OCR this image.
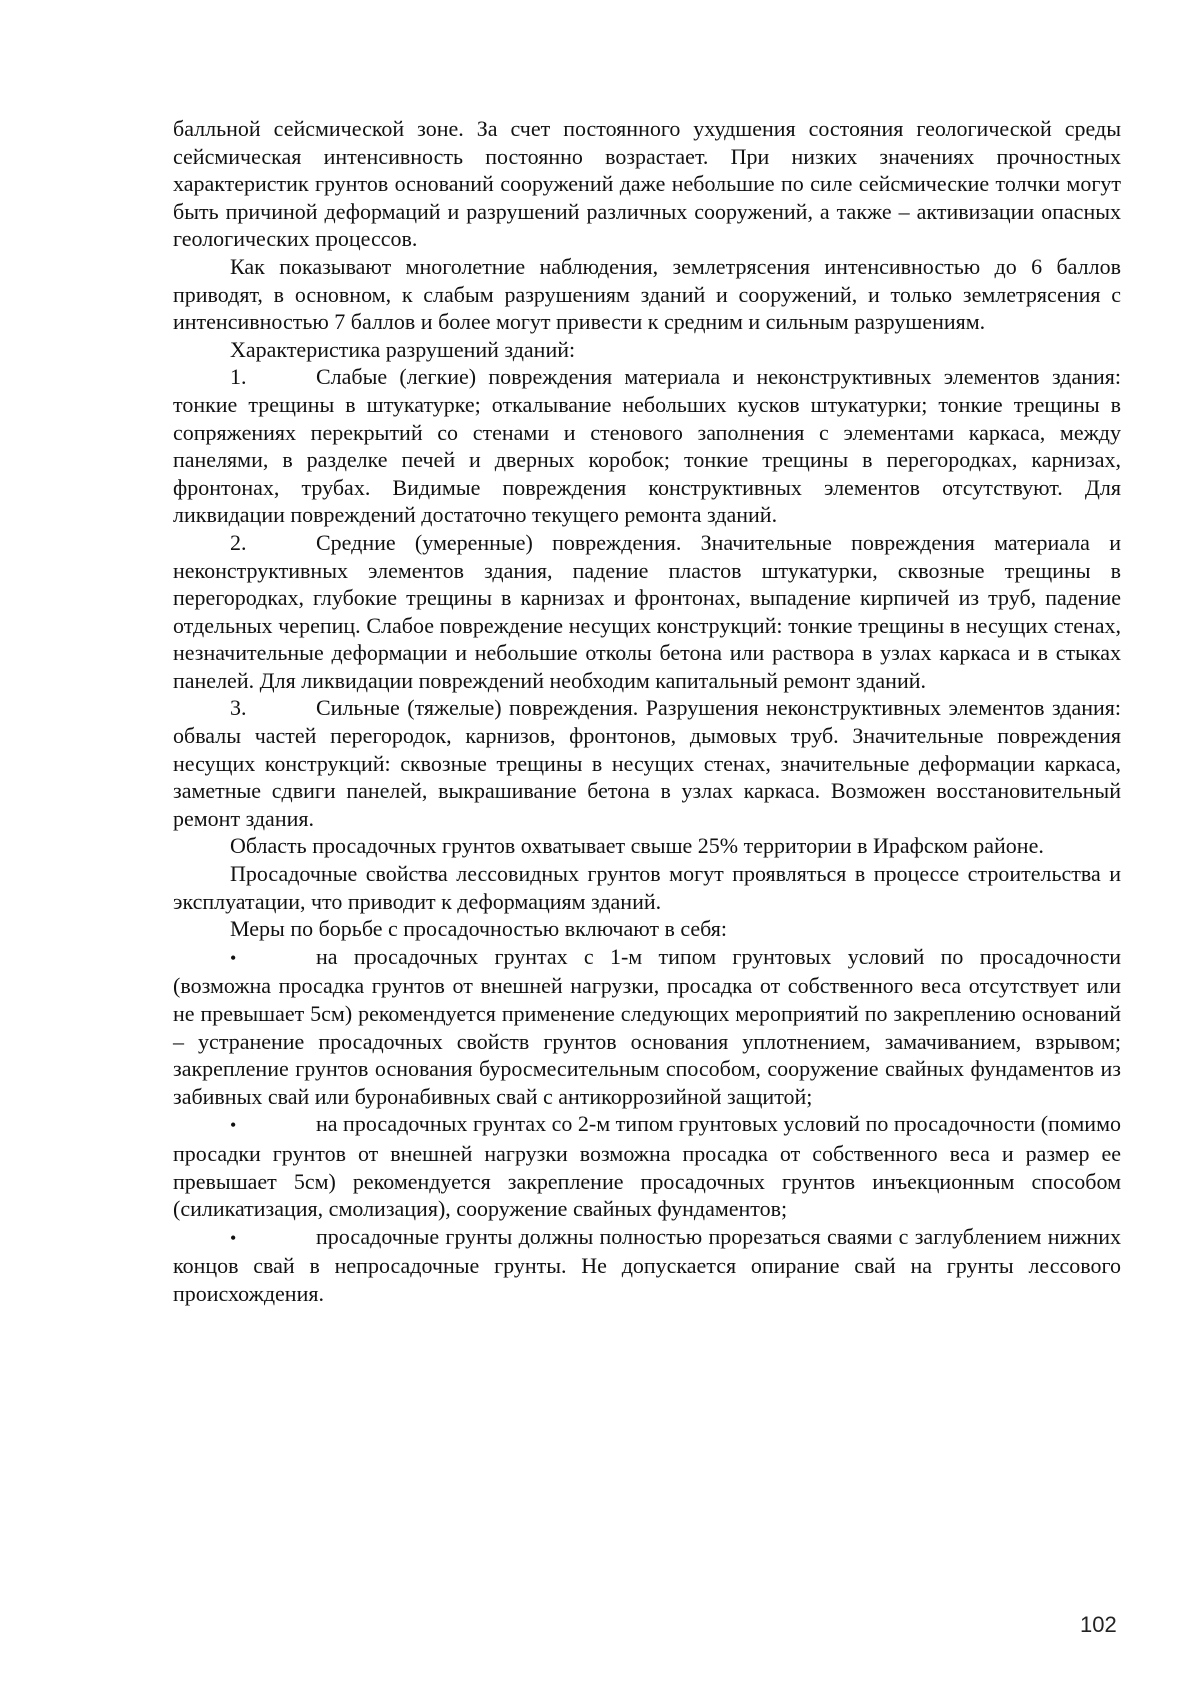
балльной сейсмической зоне. За счет постоянного ухудшения состояния геологической среды сейсмическая интенсивность постоянно возрастает. При низких значениях прочностных характеристик грунтов оснований сооружений даже небольшие по силе сейсмические толчки могут быть причиной деформаций и разрушений различных сооружений, а также – активизации опасных геологических процессов.

Как показывают многолетние наблюдения, землетрясения интенсивностью до 6 баллов приводят, в основном, к слабым разрушениям зданий и сооружений, и только землетрясения с интенсивностью 7 баллов и более могут привести к средним и сильным разрушениям.

Характеристика разрушений зданий:

1.	Слабые (легкие) повреждения материала и неконструктивных элементов здания: тонкие трещины в штукатурке; откалывание небольших кусков штукатурки; тонкие трещины в сопряжениях перекрытий со стенами и стенового заполнения с элементами каркаса, между панелями, в разделке печей и дверных коробок; тонкие трещины в перегородках, карнизах, фронтонах, трубах. Видимые повреждения конструктивных элементов отсутствуют. Для ликвидации повреждений достаточно текущего ремонта зданий.

2.	Средние (умеренные) повреждения. Значительные повреждения материала и неконструктивных элементов здания, падение пластов штукатурки, сквозные трещины в перегородках, глубокие трещины в карнизах и фронтонах, выпадение кирпичей из труб, падение отдельных черепиц. Слабое повреждение несущих конструкций: тонкие трещины в несущих стенах, незначительные деформации и небольшие отколы бетона или раствора в узлах каркаса и в стыках панелей. Для ликвидации повреждений необходим капитальный ремонт зданий.

3.	Сильные (тяжелые) повреждения. Разрушения неконструктивных элементов здания: обвалы частей перегородок, карнизов, фронтонов, дымовых труб. Значительные повреждения несущих конструкций: сквозные трещины в несущих стенах, значительные деформации каркаса, заметные сдвиги панелей, выкрашивание бетона в узлах каркаса. Возможен восстановительный ремонт здания.

Область просадочных грунтов охватывает свыше 25% территории в Ирафском районе.

Просадочные свойства лессовидных грунтов могут проявляться в процессе строительства и эксплуатации, что приводит к деформациям зданий.

Меры по борьбе с просадочностью включают в себя:

•	на просадочных грунтах с 1-м типом грунтовых условий по просадочности (возможна просадка грунтов от внешней нагрузки, просадка от собственного веса отсутствует или не превышает 5см) рекомендуется применение следующих мероприятий по закреплению оснований – устранение просадочных свойств грунтов основания уплотнением, замачиванием, взрывом; закрепление грунтов основания буросмесительным способом, сооружение свайных фундаментов из забивных свай или буронабивных свай с антикоррозийной защитой;

•	на просадочных грунтах со 2-м типом грунтовых условий по просадочности (помимо просадки грунтов от внешней нагрузки возможна просадка от собственного веса и размер ее превышает 5см) рекомендуется закрепление просадочных грунтов инъекционным способом (силикатизация, смолизация), сооружение свайных фундаментов;

•	просадочные грунты должны полностью прорезаться сваями с заглублением нижних концов свай в непросадочные грунты. Не допускается опирание свай на грунты лессового происхождения.

102
